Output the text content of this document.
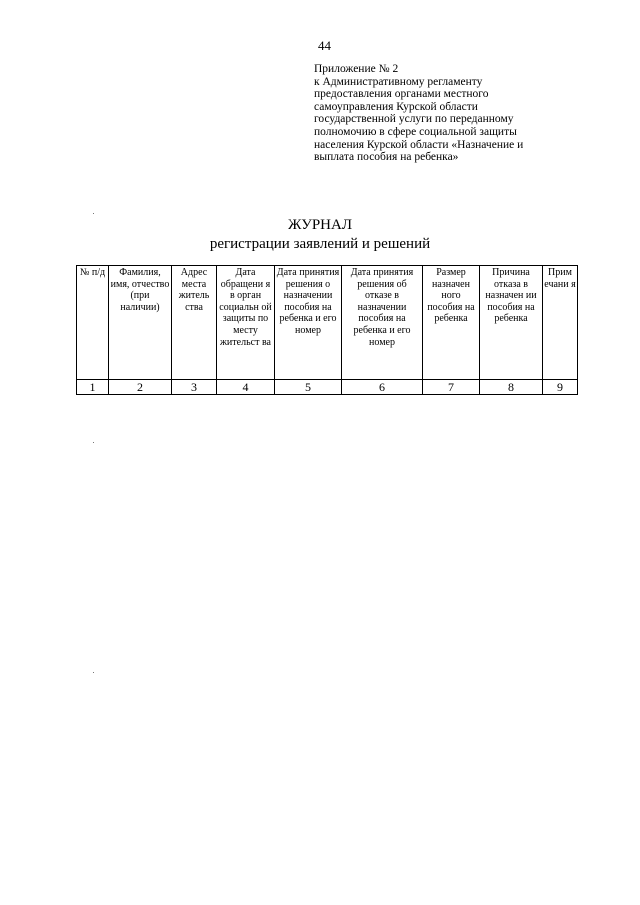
44
Приложение № 2
к Административному регламенту
предоставления органами местного
самоуправления Курской области
государственной услуги по переданному
полномочию в сфере социальной защиты
населения Курской области «Назначение и
выплата пособия на ребенка»
ЖУРНАЛ
регистрации заявлений и решений
№ п/д	Фамилия, имя, отчество (при наличии)	Адрес места житель ства	Дата обращени я в орган социальн ой защиты по месту жительст ва	Дата принятия решения о назначении пособия на ребенка и его номер	Дата принятия решения об отказе в назначении пособия на ребенка и его номер	Размер назначен ного пособия на ребенка	Причина отказа в назначен ии пособия на ребенка	Прим ечани я
1	2	3	4	5	6	7	8	9
